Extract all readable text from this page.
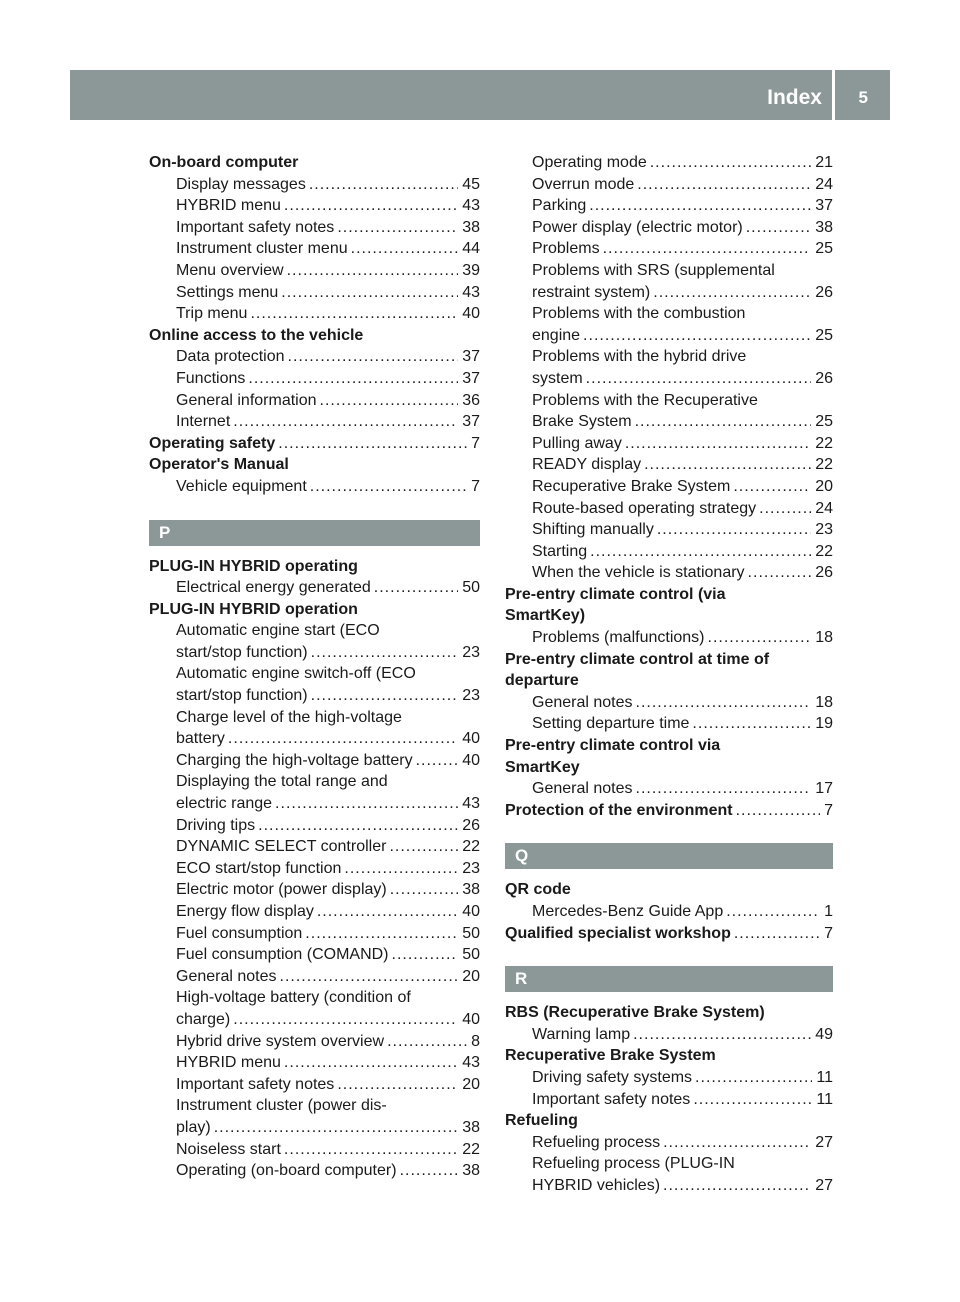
Index 5
On-board computer
Display messages .....	45
HYBRID menu .....	43
Important safety notes .....	38
Instrument cluster menu .....	44
Menu overview .....	39
Settings menu .....	43
Trip menu .....	40
Online access to the vehicle
Data protection .....	37
Functions .....	37
General information .....	36
Internet .....	37
Operating safety .....	7
Operator's Manual
Vehicle equipment .....	7
P
PLUG-IN HYBRID operating
Electrical energy generated .....	50
PLUG-IN HYBRID operation
Automatic engine start (ECO
start/stop function) .....	23
Automatic engine switch-off (ECO
start/stop function) .....	23
Charge level of the high-voltage
battery .....	40
Charging the high-voltage battery .....	40
Displaying the total range and
electric range .....	43
Driving tips .....	26
DYNAMIC SELECT controller .....	22
ECO start/stop function .....	23
Electric motor (power display) .....	38
Energy flow display .....	40
Fuel consumption .....	50
Fuel consumption (COMAND) .....	50
General notes .....	20
High-voltage battery (condition of
charge) .....	40
Hybrid drive system overview .....	8
HYBRID menu .....	43
Important safety notes .....	20
Instrument cluster (power dis-
play) .....	38
Noiseless start .....	22
Operating (on-board computer) .....	38
Operating mode .....	21
Overrun mode .....	24
Parking .....	37
Power display (electric motor) .....	38
Problems .....	25
Problems with SRS (supplemental
restraint system) .....	26
Problems with the combustion
engine .....	25
Problems with the hybrid drive
system .....	26
Problems with the Recuperative
Brake System .....	25
Pulling away .....	22
READY display .....	22
Recuperative Brake System .....	20
Route-based operating strategy .....	24
Shifting manually .....	23
Starting .....	22
When the vehicle is stationary .....	26
Pre-entry climate control (via
SmartKey)
Problems (malfunctions) .....	18
Pre-entry climate control at time of
departure
General notes .....	18
Setting departure time .....	19
Pre-entry climate control via
SmartKey
General notes .....	17
Protection of the environment .....	7
Q
QR code
Mercedes-Benz Guide App .....	1
Qualified specialist workshop .....	7
R
RBS (Recuperative Brake System)
Warning lamp .....	49
Recuperative Brake System
Driving safety systems .....	11
Important safety notes .....	11
Refueling
Refueling process .....	27
Refueling process (PLUG-IN
HYBRID vehicles) .....	27
